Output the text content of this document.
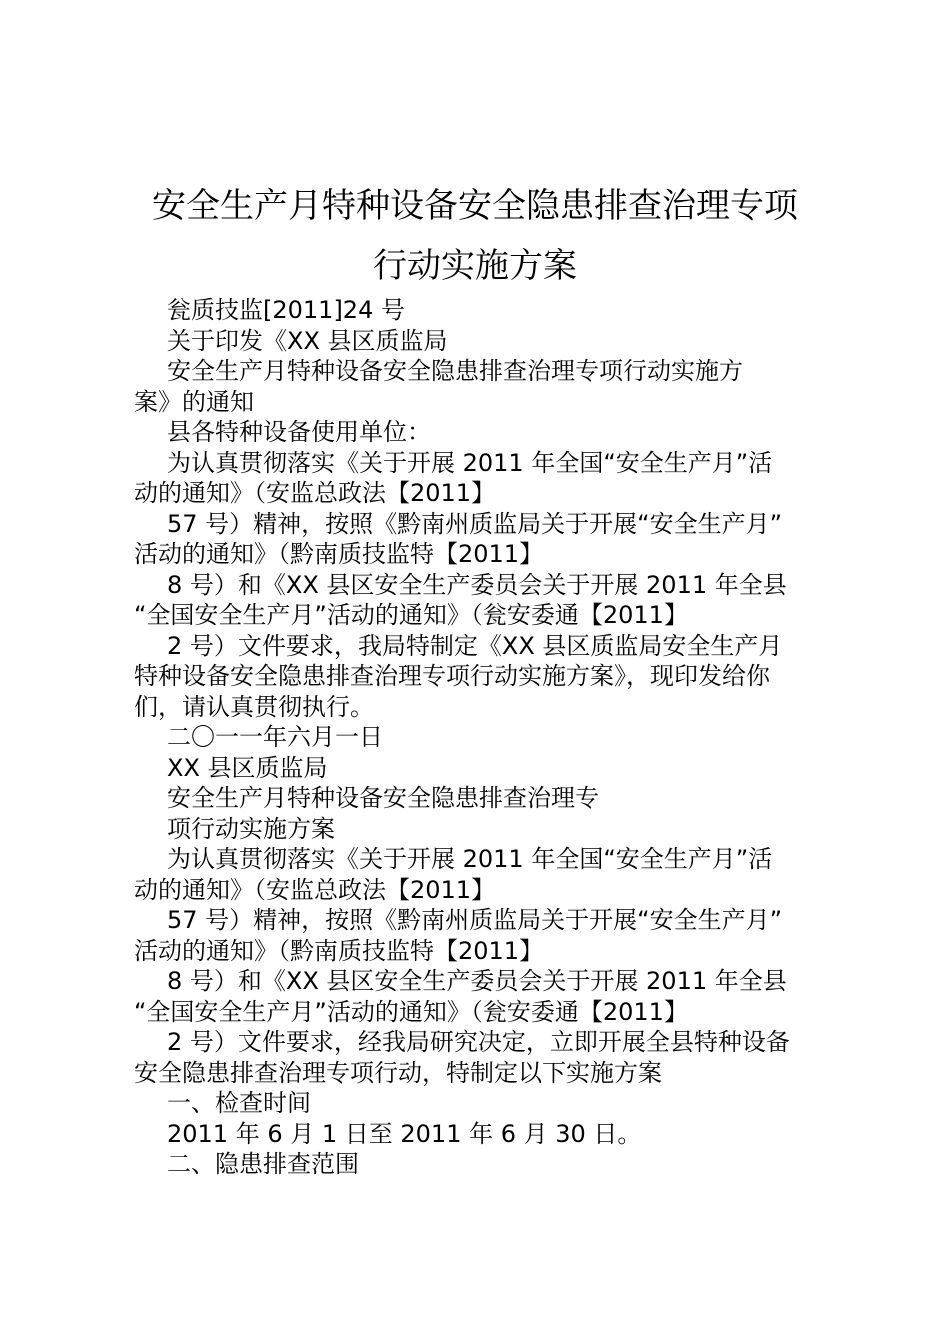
安全生产月特种设备安全隐患排查治理专项
行动实施方案
瓮质技监[2011]24 号
关于印发《XX 县区质监局
安全生产月特种设备安全隐患排查治理专项行动实施方
案》的通知
县各特种设备使用单位：
为认真贯彻落实《关于开展 2011 年全国“安全生产月”活
动的通知》（安监总政法【2011】
57 号）精神，按照《黔南州质监局关于开展“安全生产月”
活动的通知》（黔南质技监特【2011】
8 号）和《XX 县区安全生产委员会关于开展 2011 年全县
“全国安全生产月”活动的通知》（瓮安委通【2011】
2 号）文件要求，我局特制定《XX 县区质监局安全生产月
特种设备安全隐患排查治理专项行动实施方案》，现印发给你
们，请认真贯彻执行。
二〇一一年六月一日
XX 县区质监局
安全生产月特种设备安全隐患排查治理专
项行动实施方案
为认真贯彻落实《关于开展 2011 年全国“安全生产月”活
动的通知》（安监总政法【2011】
57 号）精神，按照《黔南州质监局关于开展“安全生产月”
活动的通知》（黔南质技监特【2011】
8 号）和《XX 县区安全生产委员会关于开展 2011 年全县
“全国安全生产月”活动的通知》（瓮安委通【2011】
2 号）文件要求，经我局研究决定，立即开展全县特种设备
安全隐患排查治理专项行动，特制定以下实施方案
一、检查时间
2011 年 6 月 1 日至 2011 年 6 月 30 日。
二、隐患排查范围
